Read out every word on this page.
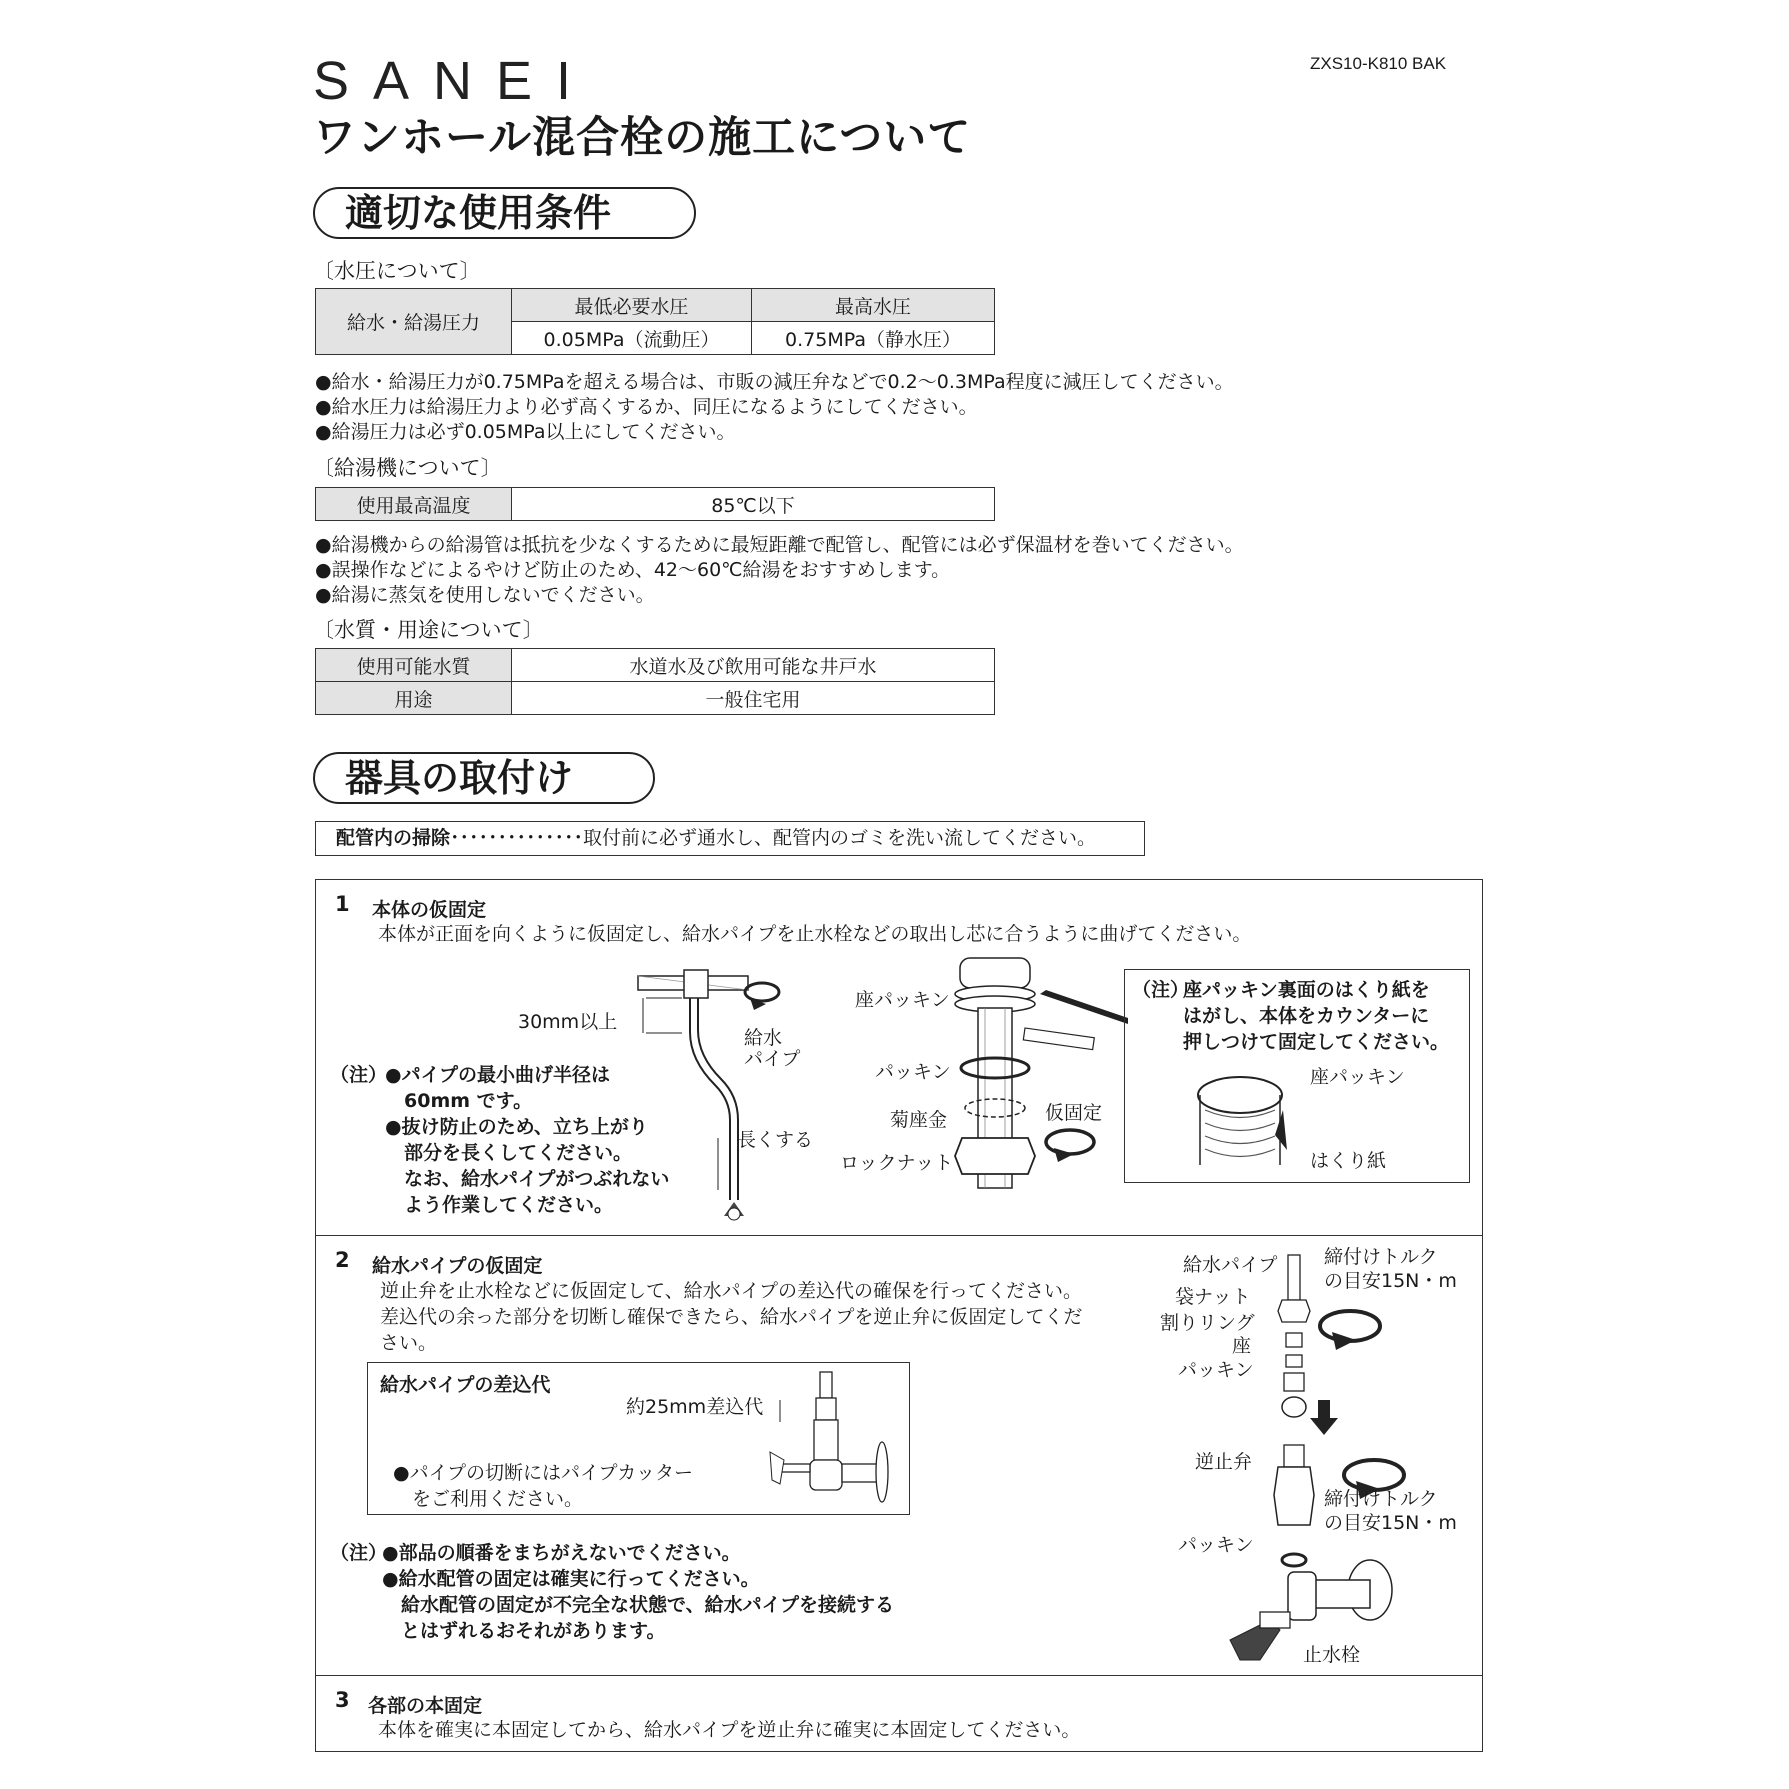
SANEI	ZXS10-K810 BAK
ワンホール混合栓の施工について
適切な使用条件
〔水圧について〕
給水・給湯圧力	最低必要水圧	最高水圧
	0.05MPa（流動圧）	0.75MPa（静水圧）
●給水・給湯圧力が0.75MPaを超える場合は、市販の減圧弁などで0.2〜0.3MPa程度に減圧してください。
●給水圧力は給湯圧力より必ず高くするか、同圧になるようにしてください。
●給湯圧力は必ず0.05MPa以上にしてください。
〔給湯機について〕
使用最高温度	85℃以下
●給湯機からの給湯管は抵抗を少なくするために最短距離で配管し、配管には必ず保温材を巻いてください。
●誤操作などによるやけど防止のため、42〜60℃給湯をおすすめします。
●給湯に蒸気を使用しないでください。
〔水質・用途について〕
使用可能水質	水道水及び飲用可能な井戸水
用途	一般住宅用
器具の取付け
配管内の掃除･･････････････取付前に必ず通水し、配管内のゴミを洗い流してください。
1 本体の仮固定
本体が正面を向くように仮固定し、給水パイプを止水栓などの取出し芯に合うように曲げてください。
30mm以上
給水
パイプ
長くする
（注）
●パイプの最小曲げ半径は
　60mm です。
●抜け防止のため、立ち上がり
　部分を長くしてください。
　なお、給水パイプがつぶれない
　よう作業してください。
座パッキン
パッキン
菊座金
ロックナット
仮固定
（注）
座パッキン裏面のはくり紙を
はがし、本体をカウンターに
押しつけて固定してください。
座パッキン
はくり紙
2 給水パイプの仮固定
逆止弁を止水栓などに仮固定して、給水パイプの差込代の確保を行ってください。
差込代の余った部分を切断し確保できたら、給水パイプを逆止弁に仮固定してくだ
さい。
給水パイプの差込代
約25mm差込代
●パイプの切断にはパイプカッター
　をご利用ください。
（注）
●部品の順番をまちがえないでください。
●給水配管の固定は確実に行ってください。
　給水配管の固定が不完全な状態で、給水パイプを接続する
　とはずれるおそれがあります。
給水パイプ
袋ナット
割りリング
座
パッキン
逆止弁
パッキン
止水栓
締付けトルク
の目安15N・m
締付けトルク
の目安15N・m
3 各部の本固定
本体を確実に本固定してから、給水パイプを逆止弁に確実に本固定してください。
